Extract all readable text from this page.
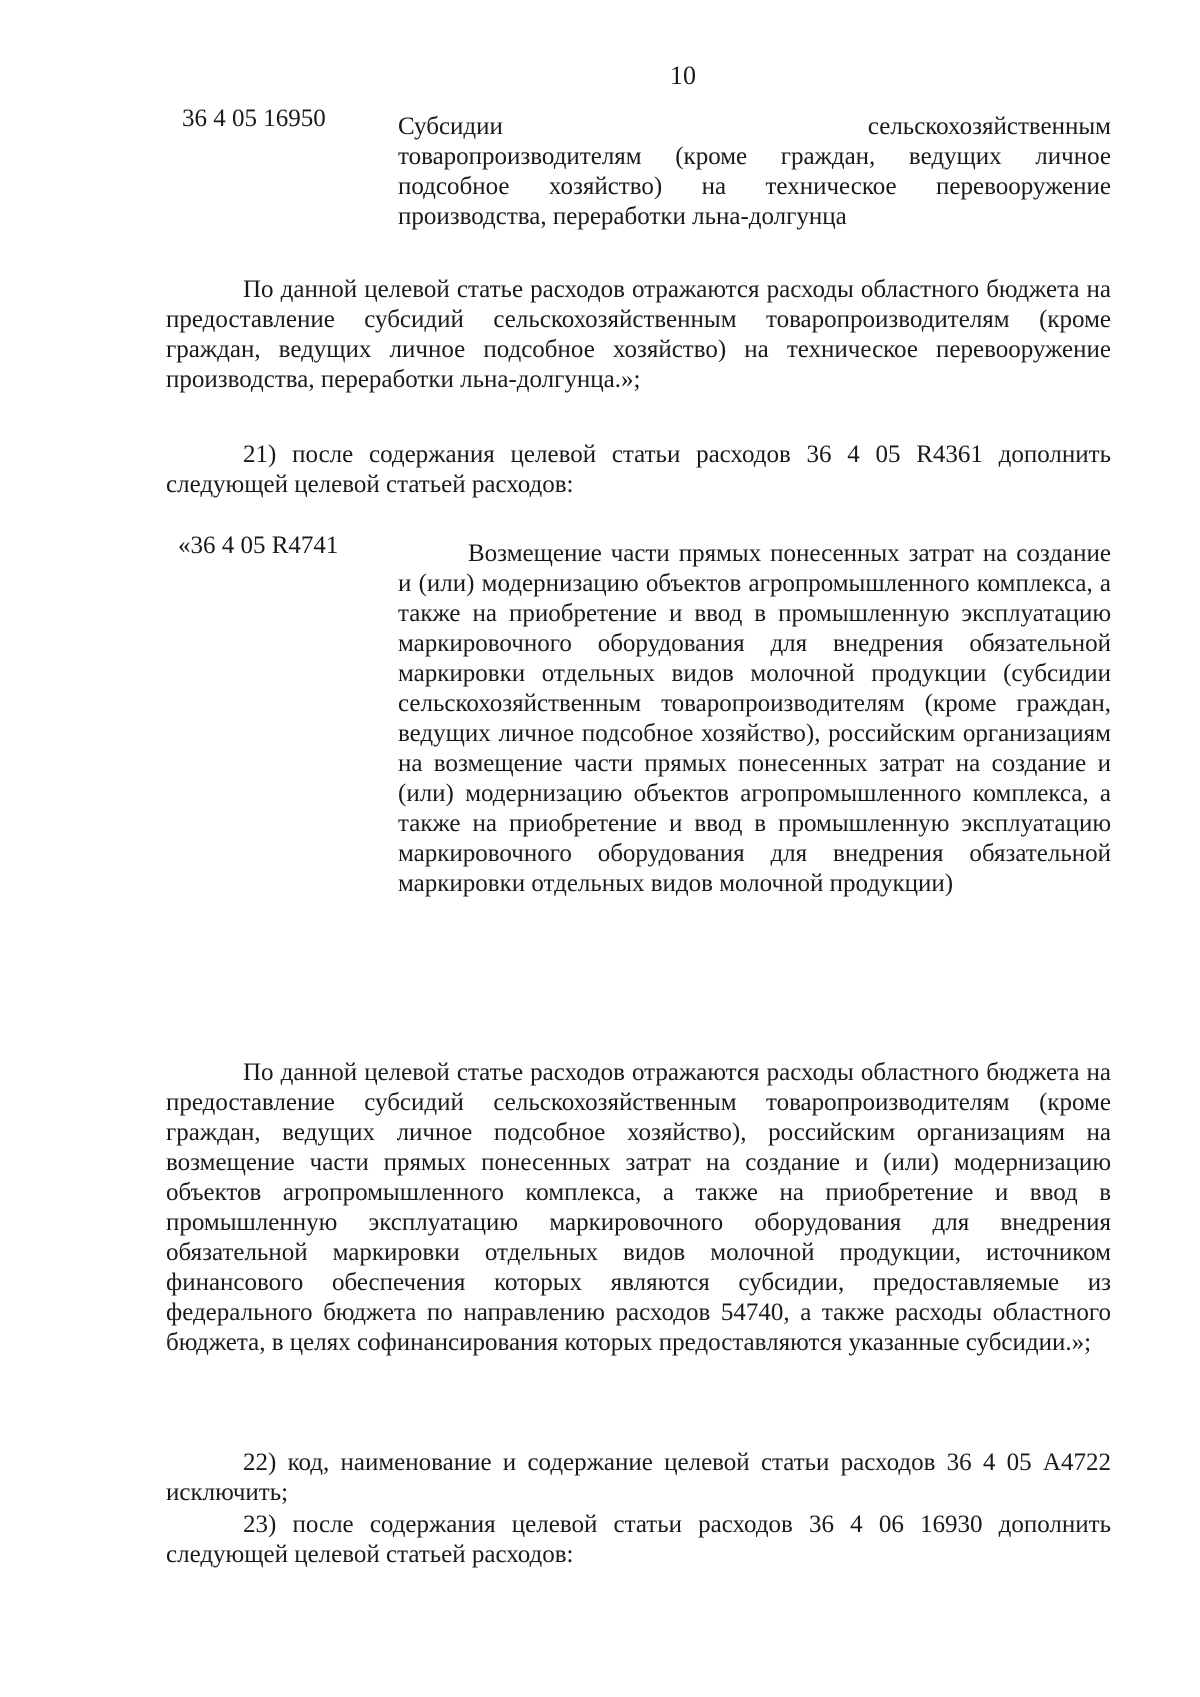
10
36 4 05 16950	Субсидии сельскохозяйственным
товаропроизводителям (кроме граждан, ведущих личное подсобное хозяйство) на техническое перевооружение производства, переработки льна-долгунца
По данной целевой статье расходов отражаются расходы областного бюджета на предоставление субсидий сельскохозяйственным товаропроизводителям (кроме граждан, ведущих личное подсобное хозяйство) на техническое перевооружение производства, переработки льна-долгунца.»;
21) после содержания целевой статьи расходов 36 4 05 R4361 дополнить следующей целевой статьей расходов:
«36 4 05 R4741	Возмещение части прямых понесенных затрат на создание и (или) модернизацию объектов агропромышленного комплекса, а также на приобретение и ввод в промышленную эксплуатацию маркировочного оборудования для внедрения обязательной маркировки отдельных видов молочной продукции (субсидии сельскохозяйственным товаропроизводителям (кроме граждан, ведущих личное подсобное хозяйство), российским организациям на возмещение части прямых понесенных затрат на создание и (или) модернизацию объектов агропромышленного комплекса, а также на приобретение и ввод в промышленную эксплуатацию маркировочного оборудования для внедрения обязательной маркировки отдельных видов молочной продукции)
По данной целевой статье расходов отражаются расходы областного бюджета на предоставление субсидий сельскохозяйственным товаропроизводителям (кроме граждан, ведущих личное подсобное хозяйство), российским организациям на возмещение части прямых понесенных затрат на создание и (или) модернизацию объектов агропромышленного комплекса, а также на приобретение и ввод в промышленную эксплуатацию маркировочного оборудования для внедрения обязательной маркировки отдельных видов молочной продукции, источником финансового обеспечения которых являются субсидии, предоставляемые из федерального бюджета по направлению расходов 54740, а также расходы областного бюджета, в целях софинансирования которых предоставляются указанные субсидии.»;
22) код, наименование и содержание целевой статьи расходов 36 4 05 А4722 исключить;
23) после содержания целевой статьи расходов 36 4 06 16930 дополнить следующей целевой статьей расходов:
